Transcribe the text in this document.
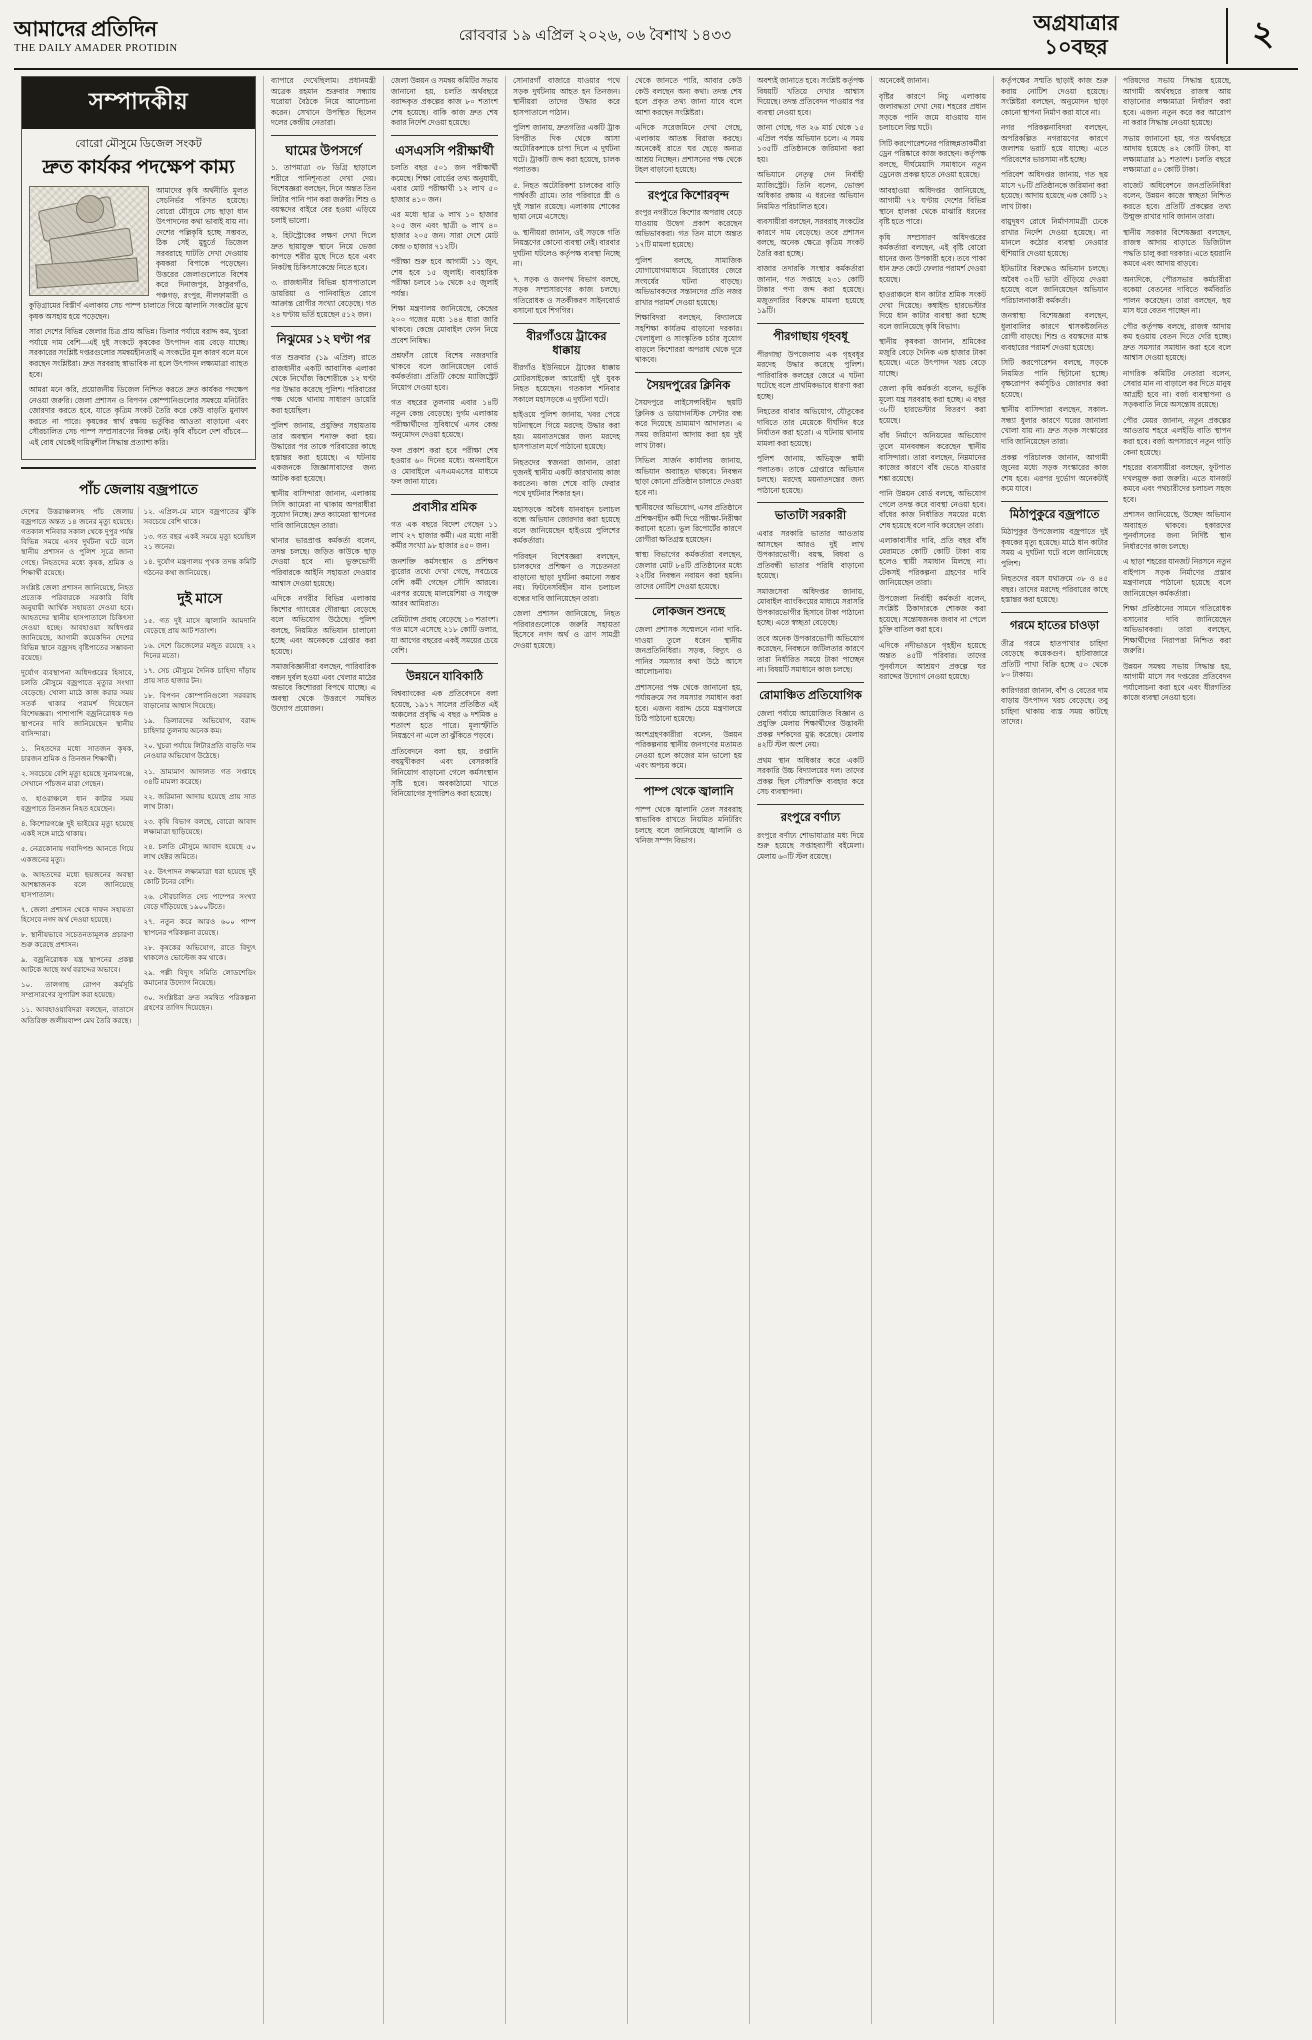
আমাদের প্রতিদিন
THE DAILY AMADER PROTIDIN
রোববার ১৯ এপ্রিল ২০২৬, ০৬ বৈশাখ ১৪৩৩
অগ্রযাত্রার
১০বছর	২
সম্পাদকীয়
বোরো মৌসুমে ডিজেল সংকট
দ্রুত কার্যকর পদক্ষেপ কাম্য

আমাদের কৃষি অর্থনীতি মূলত সেচনির্ভর পরিণত হয়েছে। বোরো মৌসুমে সেচ ছাড়া ধান উৎপাদনের কথা ভাবাই যায় না। দেশের পল্লিকৃষি হচ্ছে সম্ভবত, ঠিক সেই মুহূর্তে ডিজেল সরবরাহে ঘাটতি দেখা দেওয়ায় কৃষকরা বিপাকে পড়েছেন। উত্তরের জেলাগুলোতে বিশেষ করে দিনাজপুর, ঠাকুরগাঁও, পঞ্চগড়, রংপুর, নীলফামারী ও কুড়িগ্রামের বিস্তীর্ণ এলাকায় সেচ পাম্প চালাতে গিয়ে জ্বালানি সংকটের মুখে কৃষক অসহায় হয়ে পড়েছেন।

সারা দেশের বিভিন্ন জেলার চিত্র প্রায় অভিন্ন। ডিলার পর্যায়ে বরাদ্দ কম, খুচরা পর্যায়ে দাম বেশি—এই দুই সংকটে কৃষকের উৎপাদন ব্যয় বেড়ে যাচ্ছে। সরকারের সংশ্লিষ্ট দপ্তরগুলোর সমন্বয়হীনতাই এ সংকটের মূল কারণ বলে মনে করছেন সংশ্লিষ্টরা। দ্রুত সরবরাহ স্বাভাবিক না হলে উৎপাদন লক্ষ্যমাত্রা ব্যাহত হবে।

আমরা মনে করি, প্রয়োজনীয় ডিজেল নিশ্চিত করতে দ্রুত কার্যকর পদক্ষেপ নেওয়া জরুরি। জেলা প্রশাসন ও বিপণন কোম্পানিগুলোর সমন্বয়ে মনিটরিং জোরদার করতে হবে, যাতে কৃত্রিম সংকট তৈরি করে কেউ বাড়তি মুনাফা করতে না পারে। কৃষকের স্বার্থ রক্ষায় ভর্তুকির আওতা বাড়ানো এবং সৌরচালিত সেচ পাম্প সম্প্রসারণের বিকল্প নেই। কৃষি বাঁচলে দেশ বাঁচবে—এই বোধ থেকেই দায়িত্বশীল সিদ্ধান্ত প্রত্যাশা করি।

পাঁচ জেলায় বজ্রপাতে

দেশের উত্তরাঞ্চলসহ পাঁচ জেলায় বজ্রপাতে অন্তত ১৪ জনের মৃত্যু হয়েছে। গতকাল শনিবার সকাল থেকে দুপুর পর্যন্ত বিভিন্ন সময়ে এসব দুর্ঘটনা ঘটে বলে স্থানীয় প্রশাসন ও পুলিশ সূত্রে জানা গেছে। নিহতদের মধ্যে কৃষক, শ্রমিক ও শিক্ষার্থী রয়েছে।

সংশ্লিষ্ট জেলা প্রশাসন জানিয়েছে, নিহত প্রত্যেক পরিবারকে সরকারি বিধি অনুযায়ী আর্থিক সহায়তা দেওয়া হবে। আহতদের স্থানীয় হাসপাতালে চিকিৎসা দেওয়া হচ্ছে। আবহাওয়া অধিদপ্তর জানিয়েছে, আগামী কয়েকদিন দেশের বিভিন্ন স্থানে বজ্রসহ বৃষ্টিপাতের সম্ভাবনা রয়েছে।

দুর্যোগ ব্যবস্থাপনা অধিদপ্তরের হিসাবে, চলতি মৌসুমে বজ্রপাতে মৃত্যুর সংখ্যা বেড়েছে। খোলা মাঠে কাজ করার সময় সতর্ক থাকার পরামর্শ দিয়েছেন বিশেষজ্ঞরা। পাশাপাশি বজ্রনিরোধক দণ্ড স্থাপনের দাবি জানিয়েছেন স্থানীয় বাসিন্দারা।

১. নিহতদের মধ্যে সাতজন কৃষক, চারজন শ্রমিক ও তিনজন শিক্ষার্থী।

২. সবচেয়ে বেশি মৃত্যু হয়েছে সুনামগঞ্জে, সেখানে পাঁচজন মারা গেছেন।

৩. হাওরাঞ্চলে ধান কাটার সময় বজ্রপাতে তিনজন নিহত হয়েছেন।

৪. কিশোরগঞ্জে দুই ভাইয়ের মৃত্যু হয়েছে একই সঙ্গে মাঠে থাকায়।

৫. নেত্রকোনায় গবাদিপশু আনতে গিয়ে একজনের মৃত্যু।

৬. আহতদের মধ্যে ছয়জনের অবস্থা আশঙ্কাজনক বলে জানিয়েছে হাসপাতাল।

৭. জেলা প্রশাসন থেকে দাফন সহায়তা হিসেবে নগদ অর্থ দেওয়া হয়েছে।

৮. স্থানীয়ভাবে সচেতনতামূলক প্রচারণা শুরু করেছে প্রশাসন।

৯. বজ্রনিরোধক যন্ত্র স্থাপনের প্রকল্প আটকে আছে অর্থ বরাদ্দের অভাবে।

১০. তালগাছ রোপণ কর্মসূচি সম্প্রসারণের সুপারিশ করা হয়েছে।

১১. আবহাওয়াবিদরা বলছেন, বাতাসে অতিরিক্ত জলীয়বাষ্প মেঘ তৈরি করছে।

১২. এপ্রিল-মে মাসে বজ্রপাতের ঝুঁকি সবচেয়ে বেশি থাকে।

১৩. গত বছর একই সময়ে মৃত্যু হয়েছিল ২১ জনের।

১৪. দুর্যোগ মন্ত্রণালয় পৃথক তদন্ত কমিটি গঠনের কথা জানিয়েছে।

দুই মাসে

১৫. গত দুই মাসে জ্বালানি আমদানি বেড়েছে প্রায় আট শতাংশ।

১৬. দেশে ডিজেলের মজুত রয়েছে ২২ দিনের মতো।

১৭. সেচ মৌসুমে দৈনিক চাহিদা দাঁড়ায় প্রায় সাত হাজার টন।

১৮. বিপণন কোম্পানিগুলো সরবরাহ বাড়ানোর আশ্বাস দিয়েছে।

১৯. ডিলারদের অভিযোগ, বরাদ্দ চাহিদার তুলনায় অনেক কম।

২০. খুচরা পর্যায়ে লিটারপ্রতি বাড়তি দাম নেওয়ার অভিযোগ উঠেছে।

২১. ভ্রাম্যমাণ আদালত গত সপ্তাহে ৩৪টি মামলা করেছে।

২২. জরিমানা আদায় হয়েছে প্রায় সাত লাখ টাকা।

২৩. কৃষি বিভাগ বলছে, বোরো আবাদ লক্ষ্যমাত্রা ছাড়িয়েছে।

২৪. চলতি মৌসুমে আবাদ হয়েছে ৫০ লাখ হেক্টর জমিতে।

২৫. উৎপাদন লক্ষ্যমাত্রা ধরা হয়েছে দুই কোটি টনের বেশি।

২৬. সৌরচালিত সেচ পাম্পের সংখ্যা বেড়ে দাঁড়িয়েছে ১৯০০টিতে।

২৭. নতুন করে আরও ৬০০ পাম্প স্থাপনের পরিকল্পনা রয়েছে।

২৮. কৃষকের অভিযোগ, রাতে বিদ্যুৎ থাকলেও ভোল্টেজ কম থাকে।

২৯. পল্লী বিদ্যুৎ সমিতি লোডশেডিং কমানোর উদ্যোগ নিয়েছে।

৩০. সংশ্লিষ্টরা দ্রুত সমন্বিত পরিকল্পনা গ্রহণের তাগিদ দিয়েছেন।

ব্যাপারে দেখেছিলাম। প্রধানমন্ত্রী অত্রেক রহমান শুক্রবার সন্ধ্যায় ঘরোয়া বৈঠকে নিয়ে আলোচনা করেন। সেখানে উপস্থিত ছিলেন দলের কেন্দ্রীয় নেতারা।

ঘামের উপসর্গে

১. তাপমাত্রা ৩৮ ডিগ্রি ছাড়ালে শরীরে পানিশূন্যতা দেখা দেয়। বিশেষজ্ঞরা বলছেন, দিনে অন্তত তিন লিটার পানি পান করা জরুরি। শিশু ও বয়স্কদের বাইরে বের হওয়া এড়িয়ে চলাই ভালো।

২. হিটস্ট্রোকের লক্ষণ দেখা দিলে দ্রুত ছায়াযুক্ত স্থানে নিয়ে ভেজা কাপড়ে শরীর মুছে দিতে হবে এবং নিকটস্থ চিকিৎসাকেন্দ্রে নিতে হবে।

৩. রাজধানীর বিভিন্ন হাসপাতালে ডায়রিয়া ও পানিবাহিত রোগে আক্রান্ত রোগীর সংখ্যা বেড়েছে। গত ২৪ ঘণ্টায় ভর্তি হয়েছেন ৫১২ জন।

নিঝুমের ১২ ঘণ্টা পর

গত শুক্রবার (১৯ এপ্রিল) রাতে রাজধানীর একটি আবাসিক এলাকা থেকে নিখোঁজ কিশোরীকে ১২ ঘণ্টা পর উদ্ধার করেছে পুলিশ। পরিবারের পক্ষ থেকে থানায় সাধারণ ডায়েরি করা হয়েছিল।

পুলিশ জানায়, প্রযুক্তির সহায়তায় তার অবস্থান শনাক্ত করা হয়। উদ্ধারের পর তাকে পরিবারের কাছে হস্তান্তর করা হয়েছে। এ ঘটনায় একজনকে জিজ্ঞাসাবাদের জন্য আটক করা হয়েছে।

স্থানীয় বাসিন্দারা জানান, এলাকায় সিসি ক্যামেরা না থাকায় অপরাধীরা সুযোগ নিচ্ছে। দ্রুত ক্যামেরা স্থাপনের দাবি জানিয়েছেন তারা।

থানার ভারপ্রাপ্ত কর্মকর্তা বলেন, তদন্ত চলছে। জড়িত কাউকে ছাড় দেওয়া হবে না। ভুক্তভোগী পরিবারকে আইনি সহায়তা দেওয়ার আশ্বাস দেওয়া হয়েছে।

এদিকে নগরীর বিভিন্ন এলাকায় কিশোর গ্যাংয়ের দৌরাত্ম্য বেড়েছে বলে অভিযোগ উঠেছে। পুলিশ বলছে, নিয়মিত অভিযান চালানো হচ্ছে এবং অনেককে গ্রেপ্তার করা হয়েছে।

সমাজবিজ্ঞানীরা বলছেন, পারিবারিক বন্ধন দুর্বল হওয়া এবং খেলার মাঠের অভাবে কিশোররা বিপথে যাচ্ছে। এ অবস্থা থেকে উত্তরণে সমন্বিত উদ্যোগ প্রয়োজন।

জেলা উন্নয়ন ও সমন্বয় কমিটির সভায় জানানো হয়, চলতি অর্থবছরে বরাদ্দকৃত প্রকল্পের কাজ ৮০ শতাংশ শেষ হয়েছে। বাকি কাজ দ্রুত শেষ করার নির্দেশ দেওয়া হয়েছে।

এসএসসি পরীক্ষার্থী

চলতি বছর ৫০১ জন পরীক্ষার্থী কমেছে। শিক্ষা বোর্ডের তথ্য অনুযায়ী, এবার মোট পরীক্ষার্থী ১২ লাখ ৫০ হাজার ৪১০ জন।

এর মধ্যে ছাত্র ৬ লাখ ১০ হাজার ২০৫ জন এবং ছাত্রী ৬ লাখ ৪০ হাজার ২০৫ জন। সারা দেশে মোট কেন্দ্র ৩ হাজার ৭১২টি।

পরীক্ষা শুরু হবে আগামী ১১ জুন, শেষ হবে ১৫ জুলাই। ব্যবহারিক পরীক্ষা চলবে ১৬ থেকে ২৫ জুলাই পর্যন্ত।

শিক্ষা মন্ত্রণালয় জানিয়েছে, কেন্দ্রের ২০০ গজের মধ্যে ১৪৪ ধারা জারি থাকবে। কেন্দ্রে মোবাইল ফোন নিয়ে প্রবেশ নিষিদ্ধ।

প্রশ্নফাঁস রোধে বিশেষ নজরদারি থাকবে বলে জানিয়েছেন বোর্ড কর্মকর্তারা। প্রতিটি কেন্দ্রে ম্যাজিস্ট্রেট নিয়োগ দেওয়া হবে।

গত বছরের তুলনায় এবার ১৪টি নতুন কেন্দ্র বেড়েছে। দুর্গম এলাকায় পরীক্ষার্থীদের সুবিধার্থে এসব কেন্দ্র অনুমোদন দেওয়া হয়েছে।

ফল প্রকাশ করা হবে পরীক্ষা শেষ হওয়ার ৬০ দিনের মধ্যে। অনলাইনে ও মোবাইলে এসএমএসের মাধ্যমে ফল জানা যাবে।

প্রবাসীর শ্রমিক

গত এক বছরে বিদেশ গেছেন ১১ লাখ ২৭ হাজার কর্মী। এর মধ্যে নারী কর্মীর সংখ্যা ৯৮ হাজার ৪৫০ জন।

জনশক্তি কর্মসংস্থান ও প্রশিক্ষণ ব্যুরোর তথ্যে দেখা গেছে, সবচেয়ে বেশি কর্মী গেছেন সৌদি আরবে। এরপর রয়েছে মালয়েশিয়া ও সংযুক্ত আরব আমিরাত।

রেমিট্যান্স প্রবাহ বেড়েছে ১৩ শতাংশ। গত মাসে এসেছে ২১৮ কোটি ডলার, যা আগের বছরের একই সময়ের চেয়ে বেশি।

উন্নয়নে যাবিকাঠি

বিশ্বব্যাংকের এক প্রতিবেদনে বলা হয়েছে, ১৯১৭ সালের প্রতিষ্ঠিত এই অঞ্চলের প্রবৃদ্ধি এ বছর ৬ দশমিক ৪ শতাংশ হতে পারে। মূল্যস্ফীতি নিয়ন্ত্রণে না এলে তা ঝুঁকিতে পড়বে।

প্রতিবেদনে বলা হয়, রপ্তানি বহুমুখীকরণ এবং বেসরকারি বিনিয়োগ বাড়ানো গেলে কর্মসংস্থান সৃষ্টি হবে। অবকাঠামো খাতে বিনিয়োগের সুপারিশও করা হয়েছে।

সোনারগাঁ বাজারে যাওয়ার পথে সড়ক দুর্ঘটনায় আহত হন তিনজন। স্থানীয়রা তাদের উদ্ধার করে হাসপাতালে পাঠান।

পুলিশ জানায়, দ্রুতগতির একটি ট্রাক বিপরীত দিক থেকে আসা অটোরিকশাকে চাপা দিলে এ দুর্ঘটনা ঘটে। ট্রাকটি জব্দ করা হয়েছে, চালক পলাতক।

৫. নিহত অটোরিকশা চালকের বাড়ি পার্শ্ববর্তী গ্রামে। তার পরিবারে স্ত্রী ও দুই সন্তান রয়েছে। এলাকায় শোকের ছায়া নেমে এসেছে।

৬. স্থানীয়রা জানান, ওই সড়কে গতি নিয়ন্ত্রণের কোনো ব্যবস্থা নেই। বারবার দুর্ঘটনা ঘটলেও কর্তৃপক্ষ ব্যবস্থা নিচ্ছে না।

৭. সড়ক ও জনপথ বিভাগ বলছে, সড়ক সম্প্রসারণের কাজ চলছে। গতিরোধক ও সতর্কীকরণ সাইনবোর্ড বসানো হবে শিগগির।

বীরগাঁওয়ে ট্রাকের ধাক্কায়

বীরগাঁও ইউনিয়নে ট্রাকের ধাক্কায় মোটরসাইকেল আরোহী দুই যুবক নিহত হয়েছেন। গতকাল শনিবার সকালে মহাসড়কে এ দুর্ঘটনা ঘটে।

হাইওয়ে পুলিশ জানায়, খবর পেয়ে ঘটনাস্থলে গিয়ে মরদেহ উদ্ধার করা হয়। ময়নাতদন্তের জন্য মরদেহ হাসপাতাল মর্গে পাঠানো হয়েছে।

নিহতদের স্বজনরা জানান, তারা দুজনই স্থানীয় একটি কারখানায় কাজ করতেন। কাজ শেষে বাড়ি ফেরার পথে দুর্ঘটনার শিকার হন।

মহাসড়কে অবৈধ যানবাহন চলাচল বন্ধে অভিযান জোরদার করা হয়েছে বলে জানিয়েছেন হাইওয়ে পুলিশের কর্মকর্তারা।

পরিবহন বিশেষজ্ঞরা বলছেন, চালকদের প্রশিক্ষণ ও সচেতনতা বাড়ানো ছাড়া দুর্ঘটনা কমানো সম্ভব নয়। ফিটনেসবিহীন যান চলাচল বন্ধের দাবি জানিয়েছেন তারা।

জেলা প্রশাসন জানিয়েছে, নিহত পরিবারগুলোকে জরুরি সহায়তা হিসেবে নগদ অর্থ ও ত্রাণ সামগ্রী দেওয়া হয়েছে।

থেকে জানতে পারি, আবার কেউ কেউ বলছেন অন্য কথা। তদন্ত শেষ হলে প্রকৃত তথ্য জানা যাবে বলে আশা করছেন সংশ্লিষ্টরা।

এদিকে সরেজমিনে দেখা গেছে, এলাকায় আতঙ্ক বিরাজ করছে। অনেকেই রাতে ঘর ছেড়ে অন্যত্র আশ্রয় নিচ্ছেন। প্রশাসনের পক্ষ থেকে টহল বাড়ানো হয়েছে।

রংপুরে কিশোরবৃন্দ

রংপুর নগরীতে কিশোর অপরাধ বেড়ে যাওয়ায় উদ্বেগ প্রকাশ করেছেন অভিভাবকরা। গত তিন মাসে অন্তত ১৭টি মামলা হয়েছে।

পুলিশ বলছে, সামাজিক যোগাযোগমাধ্যমে বিরোধের জেরে সংঘর্ষের ঘটনা বাড়ছে। অভিভাবকদের সন্তানদের প্রতি নজর রাখার পরামর্শ দেওয়া হয়েছে।

শিক্ষাবিদরা বলছেন, বিদ্যালয়ে সহশিক্ষা কার্যক্রম বাড়ানো দরকার। খেলাধুলা ও সাংস্কৃতিক চর্চার সুযোগ বাড়লে কিশোররা অপরাধ থেকে দূরে থাকবে।

সৈয়দপুরের ক্লিনিক

সৈয়দপুরে লাইসেন্সবিহীন ছয়টি ক্লিনিক ও ডায়াগনস্টিক সেন্টার বন্ধ করে দিয়েছে ভ্রাম্যমাণ আদালত। এ সময় জরিমানা আদায় করা হয় দুই লাখ টাকা।

সিভিল সার্জন কার্যালয় জানায়, অভিযান অব্যাহত থাকবে। নিবন্ধন ছাড়া কোনো প্রতিষ্ঠান চালাতে দেওয়া হবে না।

স্থানীয়দের অভিযোগ, এসব প্রতিষ্ঠানে প্রশিক্ষণহীন কর্মী দিয়ে পরীক্ষা-নিরীক্ষা করানো হতো। ভুল রিপোর্টের কারণে রোগীরা ক্ষতিগ্রস্ত হয়েছেন।

স্বাস্থ্য বিভাগের কর্মকর্তারা বলছেন, জেলার মোট ৮৪টি প্রতিষ্ঠানের মধ্যে ২২টির নিবন্ধন নবায়ন করা হয়নি। তাদের নোটিশ দেওয়া হয়েছে।

লোকজন শুনছে

জেলা প্রশাসক সম্মেলনে নানা দাবি-দাওয়া তুলে ধরেন স্থানীয় জনপ্রতিনিধিরা। সড়ক, বিদ্যুৎ ও পানির সমস্যার কথা উঠে আসে আলোচনায়।

প্রশাসনের পক্ষ থেকে জানানো হয়, পর্যায়ক্রমে সব সমস্যার সমাধান করা হবে। এজন্য বরাদ্দ চেয়ে মন্ত্রণালয়ে চিঠি পাঠানো হয়েছে।

অংশগ্রহণকারীরা বলেন, উন্নয়ন পরিকল্পনায় স্থানীয় জনগণের মতামত নেওয়া হলে কাজের মান ভালো হয় এবং অপচয় কমে।

পাম্প থেকে জ্বালানি

পাম্প থেকে জ্বালানি তেল সরবরাহ স্বাভাবিক রাখতে নিয়মিত মনিটরিং চলছে বলে জানিয়েছে জ্বালানি ও খনিজ সম্পদ বিভাগ।

অবশ্যই জানাতে হবে। সংশ্লিষ্ট কর্তৃপক্ষ বিষয়টি খতিয়ে দেখার আশ্বাস দিয়েছে। তদন্ত প্রতিবেদন পাওয়ার পর ব্যবস্থা নেওয়া হবে।

জানা গেছে, গত ২৬ মার্চ থেকে ১৫ এপ্রিল পর্যন্ত অভিযান চলে। এ সময় ১৩৫টি প্রতিষ্ঠানকে জরিমানা করা হয়।

অভিযানে নেতৃত্ব দেন নির্বাহী ম্যাজিস্ট্রেট। তিনি বলেন, ভোক্তা অধিকার রক্ষায় এ ধরনের অভিযান নিয়মিত পরিচালিত হবে।

ব্যবসায়ীরা বলছেন, সরবরাহ সংকটের কারণে দাম বেড়েছে। তবে প্রশাসন বলছে, অনেক ক্ষেত্রে কৃত্রিম সংকট তৈরি করা হচ্ছে।

বাজার তদারকি সংস্থার কর্মকর্তারা জানান, গত সপ্তাহে ২৩১ কোটি টাকার পণ্য জব্দ করা হয়েছে। মজুতদারির বিরুদ্ধে মামলা হয়েছে ১৯টি।

পীরগাছায় গৃহবধূ

পীরগাছা উপজেলায় এক গৃহবধূর মরদেহ উদ্ধার করেছে পুলিশ। পারিবারিক কলহের জেরে এ ঘটনা ঘটেছে বলে প্রাথমিকভাবে ধারণা করা হচ্ছে।

নিহতের বাবার অভিযোগ, যৌতুকের দাবিতে তার মেয়েকে দীর্ঘদিন ধরে নির্যাতন করা হতো। এ ঘটনায় থানায় মামলা করা হয়েছে।

পুলিশ জানায়, অভিযুক্ত স্বামী পলাতক। তাকে গ্রেপ্তারে অভিযান চলছে। মরদেহ ময়নাতদন্তের জন্য পাঠানো হয়েছে।

ভাতাটা সরকারী

এবার সরকারি ভাতার আওতায় আসছেন আরও দুই লাখ উপকারভোগী। বয়স্ক, বিধবা ও প্রতিবন্ধী ভাতার পরিধি বাড়ানো হয়েছে।

সমাজসেবা অধিদপ্তর জানায়, মোবাইল ব্যাংকিংয়ের মাধ্যমে সরাসরি উপকারভোগীর হিসাবে টাকা পাঠানো হচ্ছে। এতে স্বচ্ছতা বেড়েছে।

তবে অনেক উপকারভোগী অভিযোগ করেছেন, নিবন্ধনে জটিলতার কারণে তারা নির্ধারিত সময়ে টাকা পাচ্ছেন না। বিষয়টি সমাধানে কাজ চলছে।

রোমাঞ্চিত প্রতিযোগিক

জেলা পর্যায়ে আয়োজিত বিজ্ঞান ও প্রযুক্তি মেলায় শিক্ষার্থীদের উদ্ভাবনী প্রকল্প দর্শকদের মুগ্ধ করেছে। মেলায় ৪২টি স্টল অংশ নেয়।

প্রথম স্থান অধিকার করে একটি সরকারি উচ্চ বিদ্যালয়ের দল। তাদের প্রকল্প ছিল সৌরশক্তি ব্যবহার করে সেচ ব্যবস্থাপনা।

রংপুরে বর্ণাঢ্য

রংপুরে বর্ণাঢ্য শোভাযাত্রার মধ্য দিয়ে শুরু হয়েছে সপ্তাহব্যাপী বইমেলা। মেলায় ৬০টি স্টল রয়েছে।

অনেকেই জানান।

বৃষ্টির কারণে নিচু এলাকায় জলাবদ্ধতা দেখা দেয়। শহরের প্রধান সড়কে পানি জমে যাওয়ায় যান চলাচলে বিঘ্ন ঘটে।

সিটি করপোরেশনের পরিচ্ছন্নতাকর্মীরা ড্রেন পরিষ্কারে কাজ করছেন। কর্তৃপক্ষ বলছে, দীর্ঘমেয়াদি সমাধানে নতুন ড্রেনেজ প্রকল্প হাতে নেওয়া হয়েছে।

আবহাওয়া অধিদপ্তর জানিয়েছে, আগামী ৭২ ঘণ্টায় দেশের বিভিন্ন স্থানে হালকা থেকে মাঝারি ধরনের বৃষ্টি হতে পারে।

কৃষি সম্প্রসারণ অধিদপ্তরের কর্মকর্তারা বলছেন, এই বৃষ্টি বোরো ধানের জন্য উপকারী হবে। তবে পাকা ধান দ্রুত কেটে ফেলার পরামর্শ দেওয়া হয়েছে।

হাওরাঞ্চলে ধান কাটার শ্রমিক সংকট দেখা দিয়েছে। কম্বাইন্ড হারভেস্টার দিয়ে ধান কাটার ব্যবস্থা করা হচ্ছে বলে জানিয়েছে কৃষি বিভাগ।

স্থানীয় কৃষকরা জানান, শ্রমিকের মজুরি বেড়ে দৈনিক এক হাজার টাকা হয়েছে। এতে উৎপাদন খরচ বেড়ে যাচ্ছে।

জেলা কৃষি কর্মকর্তা বলেন, ভর্তুকি মূল্যে যন্ত্র সরবরাহ করা হচ্ছে। এ বছর ৩৮টি হারভেস্টার বিতরণ করা হয়েছে।

বাঁধ নির্মাণে অনিয়মের অভিযোগ তুলে মানববন্ধন করেছেন স্থানীয় বাসিন্দারা। তারা বলছেন, নিম্নমানের কাজের কারণে বাঁধ ভেঙে যাওয়ার শঙ্কা রয়েছে।

পানি উন্নয়ন বোর্ড বলছে, অভিযোগ পেলে তদন্ত করে ব্যবস্থা নেওয়া হবে। বাঁধের কাজ নির্ধারিত সময়ের মধ্যে শেষ হয়েছে বলে দাবি করেছেন তারা।

এলাকাবাসীর দাবি, প্রতি বছর বাঁধ মেরামতে কোটি কোটি টাকা ব্যয় হলেও স্থায়ী সমাধান মিলছে না। টেকসই পরিকল্পনা গ্রহণের দাবি জানিয়েছেন তারা।

উপজেলা নির্বাহী কর্মকর্তা বলেন, সংশ্লিষ্ট ঠিকাদারকে শোকজ করা হয়েছে। সন্তোষজনক জবাব না পেলে চুক্তি বাতিল করা হবে।

এদিকে নদীভাঙনে গৃহহীন হয়েছে অন্তত ৪৫টি পরিবার। তাদের পুনর্বাসনে আশ্রয়ণ প্রকল্পে ঘর বরাদ্দের উদ্যোগ নেওয়া হয়েছে।

কর্তৃপক্ষের সম্মতি ছাড়াই কাজ শুরু করায় নোটিশ দেওয়া হয়েছে। সংশ্লিষ্টরা বলছেন, অনুমোদন ছাড়া কোনো স্থাপনা নির্মাণ করা যাবে না।

নগর পরিকল্পনাবিদরা বলছেন, অপরিকল্পিত নগরায়ণের কারণে জলাশয় ভরাট হয়ে যাচ্ছে। এতে পরিবেশের ভারসাম্য নষ্ট হচ্ছে।

পরিবেশ অধিদপ্তর জানায়, গত ছয় মাসে ৭৮টি প্রতিষ্ঠানকে জরিমানা করা হয়েছে। আদায় হয়েছে এক কোটি ১২ লাখ টাকা।

বায়ুদূষণ রোধে নির্মাণসামগ্রী ঢেকে রাখার নির্দেশ দেওয়া হয়েছে। না মানলে কঠোর ব্যবস্থা নেওয়ার হুঁশিয়ারি দেওয়া হয়েছে।

ইটভাটার বিরুদ্ধেও অভিযান চলছে। অবৈধ ৩২টি ভাটা গুঁড়িয়ে দেওয়া হয়েছে বলে জানিয়েছেন অভিযান পরিচালনাকারী কর্মকর্তা।

জনস্বাস্থ্য বিশেষজ্ঞরা বলছেন, ধুলাবালির কারণে শ্বাসকষ্টজনিত রোগী বাড়ছে। শিশু ও বয়স্কদের মাস্ক ব্যবহারের পরামর্শ দেওয়া হয়েছে।

সিটি করপোরেশন বলছে, সড়কে নিয়মিত পানি ছিটানো হচ্ছে। বৃক্ষরোপণ কর্মসূচিও জোরদার করা হয়েছে।

স্থানীয় বাসিন্দারা বলছেন, সকাল-সন্ধ্যা ধুলার কারণে ঘরের জানালা খোলা যায় না। দ্রুত সড়ক সংস্কারের দাবি জানিয়েছেন তারা।

প্রকল্প পরিচালক জানান, আগামী জুনের মধ্যে সড়ক সংস্কারের কাজ শেষ হবে। এরপর দুর্ভোগ অনেকটাই কমে যাবে।

মিঠাপুকুরে বজ্রপাতে

মিঠাপুকুর উপজেলায় বজ্রপাতে দুই কৃষকের মৃত্যু হয়েছে। মাঠে ধান কাটার সময় এ দুর্ঘটনা ঘটে বলে জানিয়েছে পুলিশ।

নিহতদের বয়স যথাক্রমে ৩৮ ও ৪৫ বছর। তাদের মরদেহ পরিবারের কাছে হস্তান্তর করা হয়েছে।

গরমে হাতের চাওড়া

তীব্র গরমে হাতপাখার চাহিদা বেড়েছে কয়েকগুণ। হাটবাজারে প্রতিটি পাখা বিক্রি হচ্ছে ৫০ থেকে ৮০ টাকায়।

কারিগররা জানান, বাঁশ ও বেতের দাম বাড়ায় উৎপাদন খরচ বেড়েছে। তবু চাহিদা থাকায় ব্যস্ত সময় কাটছে তাদের।

পরিষদের সভায় সিদ্ধান্ত হয়েছে, আগামী অর্থবছরে রাজস্ব আয় বাড়ানোর লক্ষ্যমাত্রা নির্ধারণ করা হবে। এজন্য নতুন করে কর আরোপ না করার সিদ্ধান্ত নেওয়া হয়েছে।

সভায় জানানো হয়, গত অর্থবছরে আদায় হয়েছে ৪২ কোটি টাকা, যা লক্ষ্যমাত্রার ৯১ শতাংশ। চলতি বছরে লক্ষ্যমাত্রা ৫০ কোটি টাকা।

বাজেট অধিবেশনে জনপ্রতিনিধিরা বলেন, উন্নয়ন কাজে স্বচ্ছতা নিশ্চিত করতে হবে। প্রতিটি প্রকল্পের তথ্য উন্মুক্ত রাখার দাবি জানান তারা।

স্থানীয় সরকার বিশেষজ্ঞরা বলছেন, রাজস্ব আদায় বাড়াতে ডিজিটাল পদ্ধতি চালু করা দরকার। এতে হয়রানি কমবে এবং আদায় বাড়বে।

অন্যদিকে, পৌরসভার কর্মচারীরা বকেয়া বেতনের দাবিতে কর্মবিরতি পালন করেছেন। তারা বলছেন, ছয় মাস ধরে বেতন পাচ্ছেন না।

পৌর কর্তৃপক্ষ বলছে, রাজস্ব আদায় কম হওয়ায় বেতন দিতে দেরি হচ্ছে। দ্রুত সমস্যার সমাধান করা হবে বলে আশ্বাস দেওয়া হয়েছে।

নাগরিক কমিটির নেতারা বলেন, সেবার মান না বাড়ালে কর দিতে মানুষ আগ্রহী হবে না। বর্জ্য ব্যবস্থাপনা ও সড়কবাতি নিয়ে অসন্তোষ রয়েছে।

পৌর মেয়র জানান, নতুন প্রকল্পের আওতায় শহরে এলইডি বাতি স্থাপন করা হবে। বর্জ্য অপসারণে নতুন গাড়ি কেনা হয়েছে।

শহরের ব্যবসায়ীরা বলছেন, ফুটপাত দখলমুক্ত করা জরুরি। এতে যানজট কমবে এবং পথচারীদের চলাচল সহজ হবে।

প্রশাসন জানিয়েছে, উচ্ছেদ অভিযান অব্যাহত থাকবে। হকারদের পুনর্বাসনের জন্য নির্দিষ্ট স্থান নির্ধারণের কাজ চলছে।

এ ছাড়া শহরের যানজট নিরসনে নতুন বাইপাস সড়ক নির্মাণের প্রস্তাব মন্ত্রণালয়ে পাঠানো হয়েছে বলে জানিয়েছেন কর্মকর্তারা।

শিক্ষা প্রতিষ্ঠানের সামনে গতিরোধক বসানোর দাবি জানিয়েছেন অভিভাবকরা। তারা বলছেন, শিক্ষার্থীদের নিরাপত্তা নিশ্চিত করা জরুরি।

উন্নয়ন সমন্বয় সভায় সিদ্ধান্ত হয়, আগামী মাসে সব দপ্তরের প্রতিবেদন পর্যালোচনা করা হবে এবং ধীরগতির কাজে ব্যবস্থা নেওয়া হবে।
